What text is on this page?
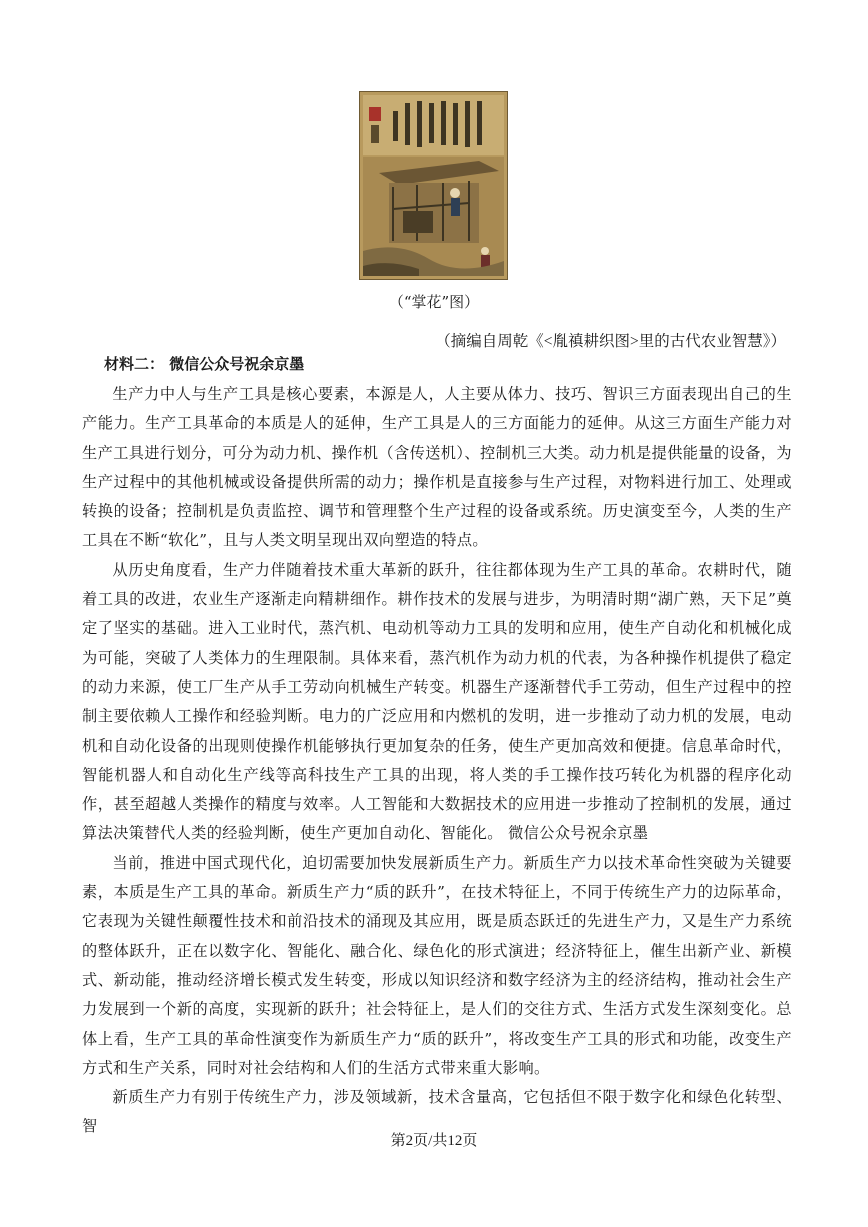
（“掌花”图）
（摘编自周乾《<胤禛耕织图>里的古代农业智慧》）
材料二： 微信公众号祝余京墨

生产力中人与生产工具是核心要素，本源是人，人主要从体力、技巧、智识三方面表现出自己的生产能力。生产工具革命的本质是人的延伸，生产工具是人的三方面能力的延伸。从这三方面生产能力对生产工具进行划分，可分为动力机、操作机（含传送机）、控制机三大类。动力机是提供能量的设备，为生产过程中的其他机械或设备提供所需的动力；操作机是直接参与生产过程，对物料进行加工、处理或转换的设备；控制机是负责监控、调节和管理整个生产过程的设备或系统。历史演变至今，人类的生产工具在不断“软化”，且与人类文明呈现出双向塑造的特点。

从历史角度看，生产力伴随着技术重大革新的跃升，往往都体现为生产工具的革命。农耕时代，随着工具的改进，农业生产逐渐走向精耕细作。耕作技术的发展与进步，为明清时期“湖广熟，天下足”奠定了坚实的基础。进入工业时代，蒸汽机、电动机等动力工具的发明和应用，使生产自动化和机械化成为可能，突破了人类体力的生理限制。具体来看，蒸汽机作为动力机的代表，为各种操作机提供了稳定的动力来源，使工厂生产从手工劳动向机械生产转变。机器生产逐渐替代手工劳动，但生产过程中的控制主要依赖人工操作和经验判断。电力的广泛应用和内燃机的发明，进一步推动了动力机的发展，电动机和自动化设备的出现则使操作机能够执行更加复杂的任务，使生产更加高效和便捷。信息革命时代，智能机器人和自动化生产线等高科技生产工具的出现，将人类的手工操作技巧转化为机器的程序化动作，甚至超越人类操作的精度与效率。人工智能和大数据技术的应用进一步推动了控制机的发展，通过算法决策替代人类的经验判断，使生产更加自动化、智能化。 微信公众号祝余京墨

当前，推进中国式现代化，迫切需要加快发展新质生产力。新质生产力以技术革命性突破为关键要素，本质是生产工具的革命。新质生产力“质的跃升”，在技术特征上，不同于传统生产力的边际革命，它表现为关键性颠覆性技术和前沿技术的涌现及其应用，既是质态跃迁的先进生产力，又是生产力系统的整体跃升，正在以数字化、智能化、融合化、绿色化的形式演进；经济特征上，催生出新产业、新模式、新动能，推动经济增长模式发生转变，形成以知识经济和数字经济为主的经济结构，推动社会生产力发展到一个新的高度，实现新的跃升；社会特征上，是人们的交往方式、生活方式发生深刻变化。总体上看，生产工具的革命性演变作为新质生产力“质的跃升”，将改变生产工具的形式和功能，改变生产方式和生产关系，同时对社会结构和人们的生活方式带来重大影响。

新质生产力有别于传统生产力，涉及领域新，技术含量高，它包括但不限于数字化和绿色化转型、智

第2页/共12页
